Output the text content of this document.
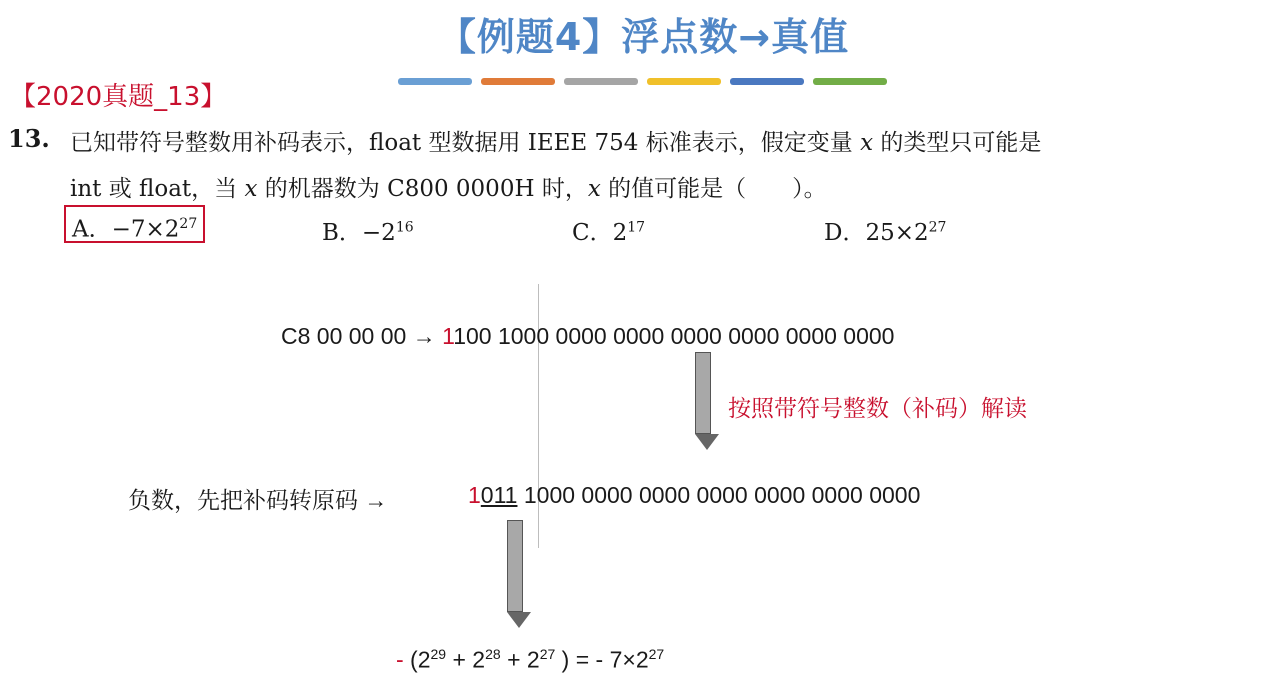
【例题4】浮点数→真值
【2020真题_13】
13. 已知带符号整数用补码表示，float 型数据用 IEEE 754 标准表示，假定变量 x 的类型只可能是
int 或 float，当 x 的机器数为 C800 0000H 时，x 的值可能是（　　）。
A．$-7\times 2^{27}$	B．$-2^{16}$	C．$2^{17}$	D．$25\times 2^{27}$
C8 00 00 00 → 1100 1000 0000 0000 0000 0000 0000 0000
按照带符号整数（补码）解读
负数，先把补码转原码 →	1011 1000 0000 0000 0000 0000 0000 0000
- ($2^{29} + 2^{28} + 2^{27}$ ) = - $7\times 2^{27}$
